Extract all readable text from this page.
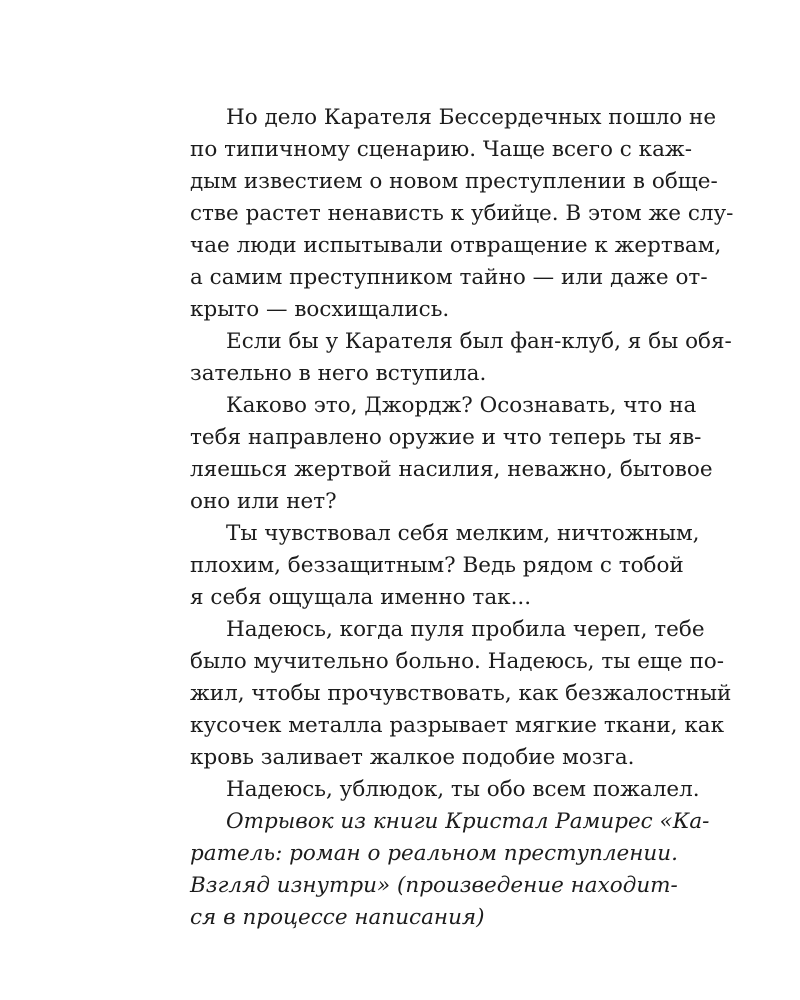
Но дело Карателя Бессердечных пошло не
по типичному сценарию. Чаще всего с каж-
дым известием о новом преступлении в обще-
стве растет ненависть к убийце. В этом же слу-
чае люди испытывали отвращение к жертвам,
а самим преступником тайно — или даже от-
крыто — восхищались.
Если бы у Карателя был фан-клуб, я бы обя-
зательно в него вступила.
Каково это, Джордж? Осознавать, что на
тебя направлено оружие и что теперь ты яв-
ляешься жертвой насилия, неважно, бытовое
оно или нет?
Ты чувствовал себя мелким, ничтожным,
плохим, беззащитным? Ведь рядом с тобой
я себя ощущала именно так...
Надеюсь, когда пуля пробила череп, тебе
было мучительно больно. Надеюсь, ты еще по-
жил, чтобы прочувствовать, как безжалостный
кусочек металла разрывает мягкие ткани, как
кровь заливает жалкое подобие мозга.
Надеюсь, ублюдок, ты обо всем пожалел.
Отрывок из книги Кристал Рамирес «Ка-
ратель: роман о реальном преступлении.
Взгляд изнутри» (произведение находит-
ся в процессе написания)
